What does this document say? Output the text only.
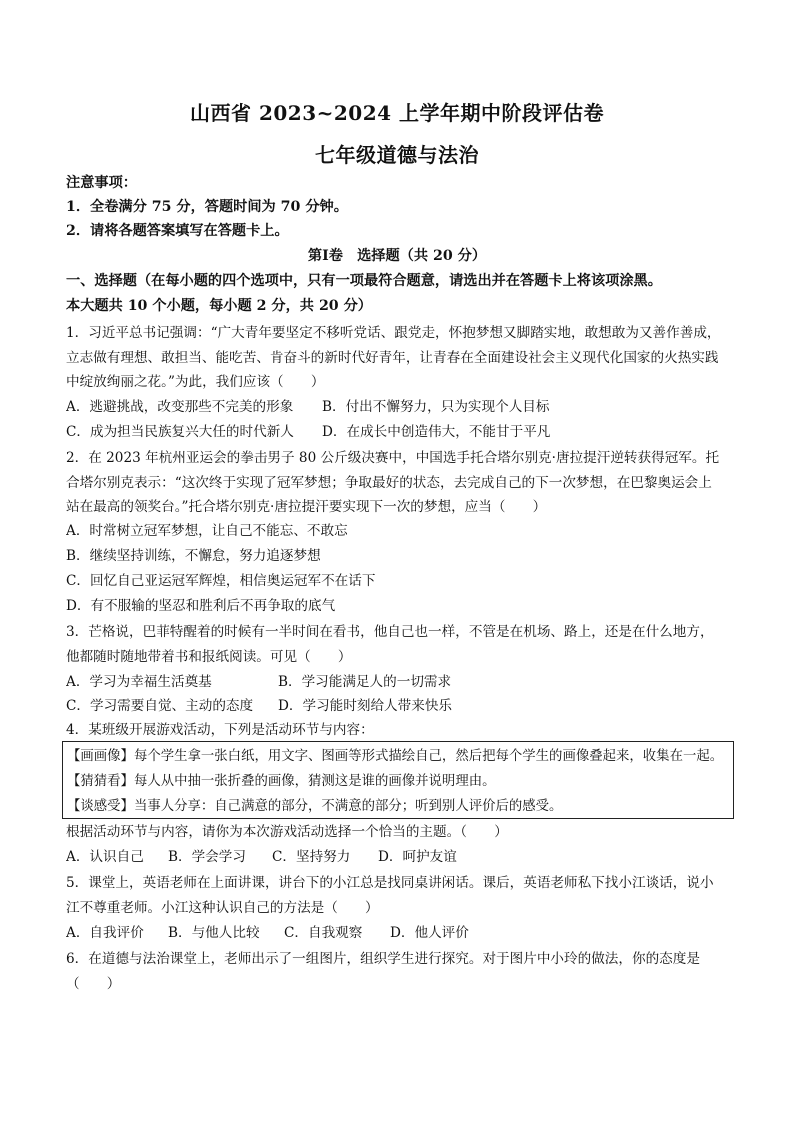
山西省 2023~2024 上学年期中阶段评估卷
七年级道德与法治
注意事项：
1．全卷满分 75 分，答题时间为 70 分钟。
2．请将各题答案填写在答题卡上。
第Ⅰ卷　选择题（共 20 分）
一、选择题（在每小题的四个选项中，只有一项最符合题意，请选出并在答题卡上将该项涂黑。
本大题共 10 个小题，每小题 2 分，共 20 分）
1．习近平总书记强调：“广大青年要坚定不移听党话、跟党走，怀抱梦想又脚踏实地，敢想敢为又善作善成，
立志做有理想、敢担当、能吃苦、肯奋斗的新时代好青年，让青春在全面建设社会主义现代化国家的火热实践
中绽放绚丽之花。”为此，我们应该（　　）
A．逃避挑战，改变那些不完美的形象 B．付出不懈努力，只为实现个人目标
C．成为担当民族复兴大任的时代新人 D．在成长中创造伟大，不能甘于平凡
2．在 2023 年杭州亚运会的拳击男子 80 公斤级决赛中，中国选手托合塔尔别克·唐拉提汗逆转获得冠军。托
合塔尔别克表示：“这次终于实现了冠军梦想；争取最好的状态，去完成自己的下一次梦想，在巴黎奥运会上
站在最高的领奖台。”托合塔尔别克·唐拉提汗要实现下一次的梦想，应当（　　）
A．时常树立冠军梦想，让自己不能忘、不敢忘
B．继续坚持训练，不懈怠，努力追逐梦想
C．回忆自己亚运冠军辉煌，相信奥运冠军不在话下
D．有不服输的坚忍和胜利后不再争取的底气
3．芒格说，巴菲特醒着的时候有一半时间在看书，他自己也一样，不管是在机场、路上，还是在什么地方，
他都随时随地带着书和报纸阅读。可见（　　）
A．学习为幸福生活奠基	B．学习能满足人的一切需求
C．学习需要自觉、主动的态度 D．学习能时刻给人带来快乐
4．某班级开展游戏活动，下列是活动环节与内容：
【画画像】每个学生拿一张白纸，用文字、图画等形式描绘自己，然后把每个学生的画像叠起来，收集在一起。
【猜猜看】每人从中抽一张折叠的画像，猜测这是谁的画像并说明理由。
【谈感受】当事人分享：自己满意的部分，不满意的部分；听到别人评价后的感受。
根据活动环节与内容，请你为本次游戏活动选择一个恰当的主题。（　　）
A．认识自己 B．学会学习 C．坚持努力 D．呵护友谊
5．课堂上，英语老师在上面讲课，讲台下的小江总是找同桌讲闲话。课后，英语老师私下找小江谈话，说小
江不尊重老师。小江这种认识自己的方法是（　　）
A．自我评价 B．与他人比较 C．自我观察 D．他人评价
6．在道德与法治课堂上，老师出示了一组图片，组织学生进行探究。对于图片中小玲的做法，你的态度是
（　　）
